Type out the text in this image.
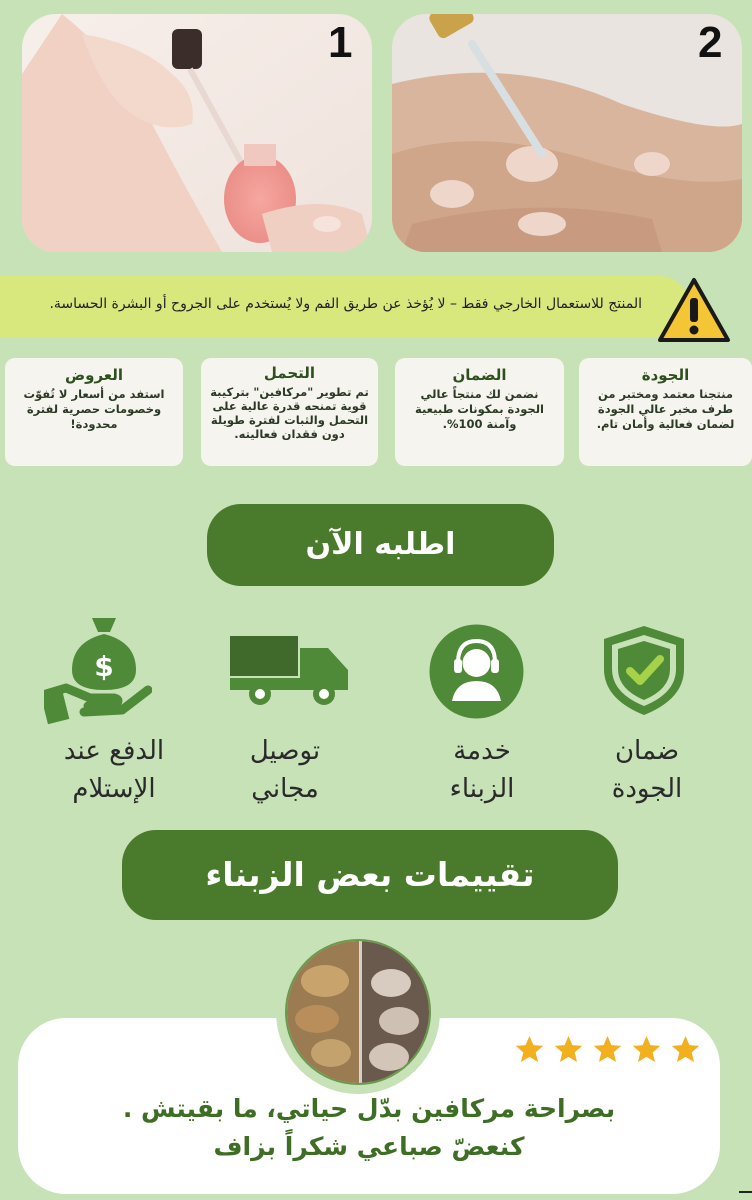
1	2
المنتج للاستعمال الخارجي فقط – لا يُؤخذ عن طريق الفم ولا يُستخدم على الجروح أو البشرة الحساسة.
الجودة
منتجنا معتمد ومختبر من طرف مخبر عالي الجودة لضمان فعالية وأمان تام.
الضمان
نضمن لك منتجاً عالي الجودة بمكونات طبيعية وآمنة 100%.
التحمل
تم تطوير "مركافين" بتركيبة قوية تمنحه قدرة عالية على التحمل والثبات لفترة طويلة دون فقدان فعاليته.
العروض
استفد من أسعار لا تُفوّت وخصومات حصرية لفترة محدودة!
اطلبه الآن
$
ضمان
الجودة
خدمة
الزبناء
توصيل
مجاني
الدفع عند
الإستلام
تقييمات بعض الزبناء
بصراحة مركافين بدّل حياتي، ما بقيتش .
كنعضّ صباعي شكراً بزاف
